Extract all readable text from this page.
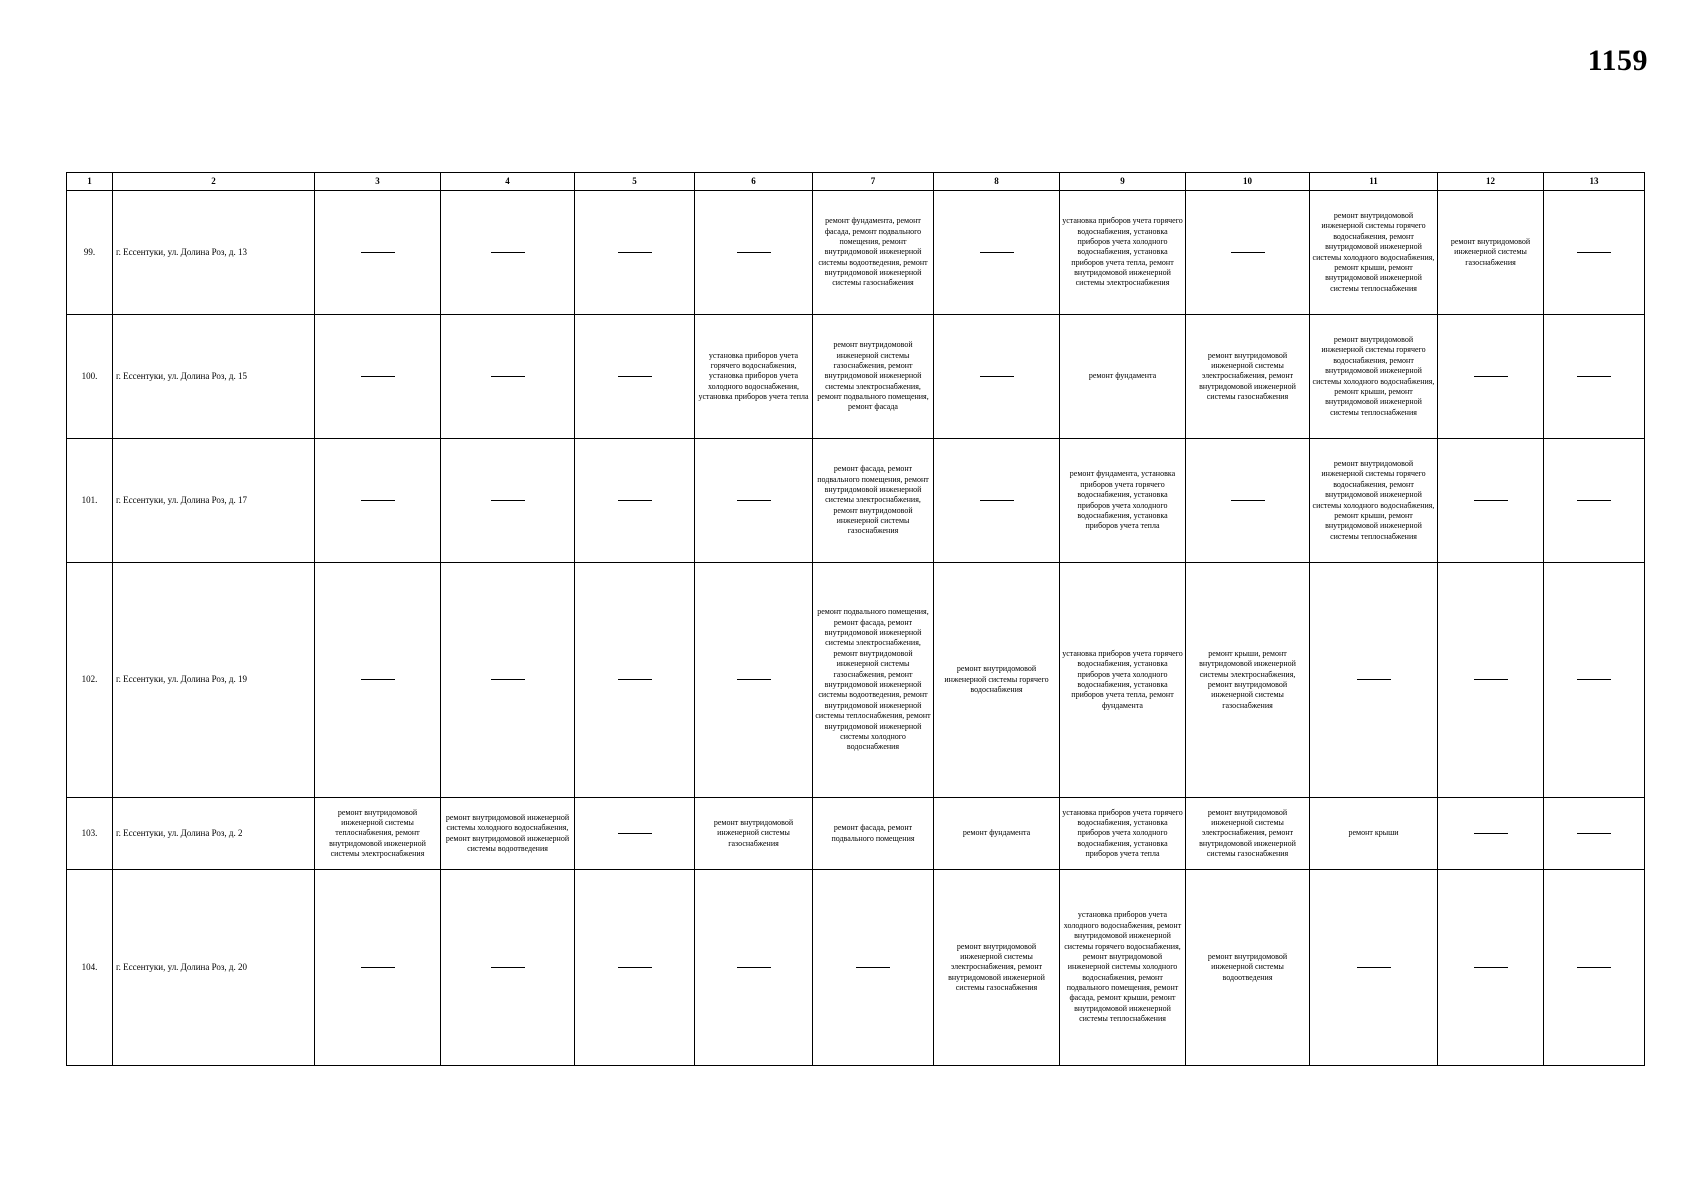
1159
1	2	3	4	5	6	7	8	9	10	11	12	13
99.	г. Ессентуки, ул. Долина Роз, д. 13					ремонт фундамента, ремонт фасада, ремонт подвального помещения, ремонт внутридомовой инженерной системы водоотведения, ремонт внутридомовой инженерной системы газоснабжения		установка приборов учета горячего водоснабжения, установка приборов учета холодного водоснабжения, установка приборов учета тепла, ремонт внутридомовой инженерной системы электроснабжения		ремонт внутридомовой инженерной системы горячего водоснабжения, ремонт внутридомовой инженерной системы холодного водоснабжения, ремонт крыши, ремонт внутридомовой инженерной системы теплоснабжения	ремонт внутридомовой инженерной системы газоснабжения	
100.	г. Ессентуки, ул. Долина Роз, д. 15				установка приборов учета горячего водоснабжения, установка приборов учета холодного водоснабжения, установка приборов учета тепла	ремонт внутридомовой инженерной системы газоснабжения, ремонт внутридомовой инженерной системы электроснабжения, ремонт подвального помещения, ремонт фасада		ремонт фундамента	ремонт внутридомовой инженерной системы электроснабжения, ремонт внутридомовой инженерной системы газоснабжения	ремонт внутридомовой инженерной системы горячего водоснабжения, ремонт внутридомовой инженерной системы холодного водоснабжения, ремонт крыши, ремонт внутридомовой инженерной системы теплоснабжения		
101.	г. Ессентуки, ул. Долина Роз, д. 17					ремонт фасада, ремонт подвального помещения, ремонт внутридомовой инженерной системы электроснабжения, ремонт внутридомовой инженерной системы газоснабжения		ремонт фундамента, установка приборов учета горячего водоснабжения, установка приборов учета холодного водоснабжения, установка приборов учета тепла		ремонт внутридомовой инженерной системы горячего водоснабжения, ремонт внутридомовой инженерной системы холодного водоснабжения, ремонт крыши, ремонт внутридомовой инженерной системы теплоснабжения		
102.	г. Ессентуки, ул. Долина Роз, д. 19					ремонт подвального помещения, ремонт фасада, ремонт внутридомовой инженерной системы электроснабжения, ремонт внутридомовой инженерной системы газоснабжения, ремонт внутридомовой инженерной системы водоотведения, ремонт внутридомовой инженерной системы теплоснабжения, ремонт внутридомовой инженерной системы холодного водоснабжения	ремонт внутридомовой инженерной системы горячего водоснабжения	установка приборов учета горячего водоснабжения, установка приборов учета холодного водоснабжения, установка приборов учета тепла, ремонт фундамента	ремонт крыши, ремонт внутридомовой инженерной системы электроснабжения, ремонт внутридомовой инженерной системы газоснабжения			
103.	г. Ессентуки, ул. Долина Роз, д. 2	ремонт внутридомовой инженерной системы теплоснабжения, ремонт внутридомовой инженерной системы электроснабжения	ремонт внутридомовой инженерной системы холодного водоснабжения, ремонт внутридомовой инженерной системы водоотведения		ремонт внутридомовой инженерной системы газоснабжения	ремонт фасада, ремонт подвального помещения	ремонт фундамента	установка приборов учета горячего водоснабжения, установка приборов учета холодного водоснабжения, установка приборов учета тепла	ремонт внутридомовой инженерной системы электроснабжения, ремонт внутридомовой инженерной системы газоснабжения	ремонт крыши		
104.	г. Ессентуки, ул. Долина Роз, д. 20						ремонт внутридомовой инженерной системы электроснабжения, ремонт внутридомовой инженерной системы газоснабжения	установка приборов учета холодного водоснабжения, ремонт внутридомовой инженерной системы горячего водоснабжения, ремонт внутридомовой инженерной системы холодного водоснабжения, ремонт подвального помещения, ремонт фасада, ремонт крыши, ремонт внутридомовой инженерной системы теплоснабжения	ремонт внутридомовой инженерной системы водоотведения			
